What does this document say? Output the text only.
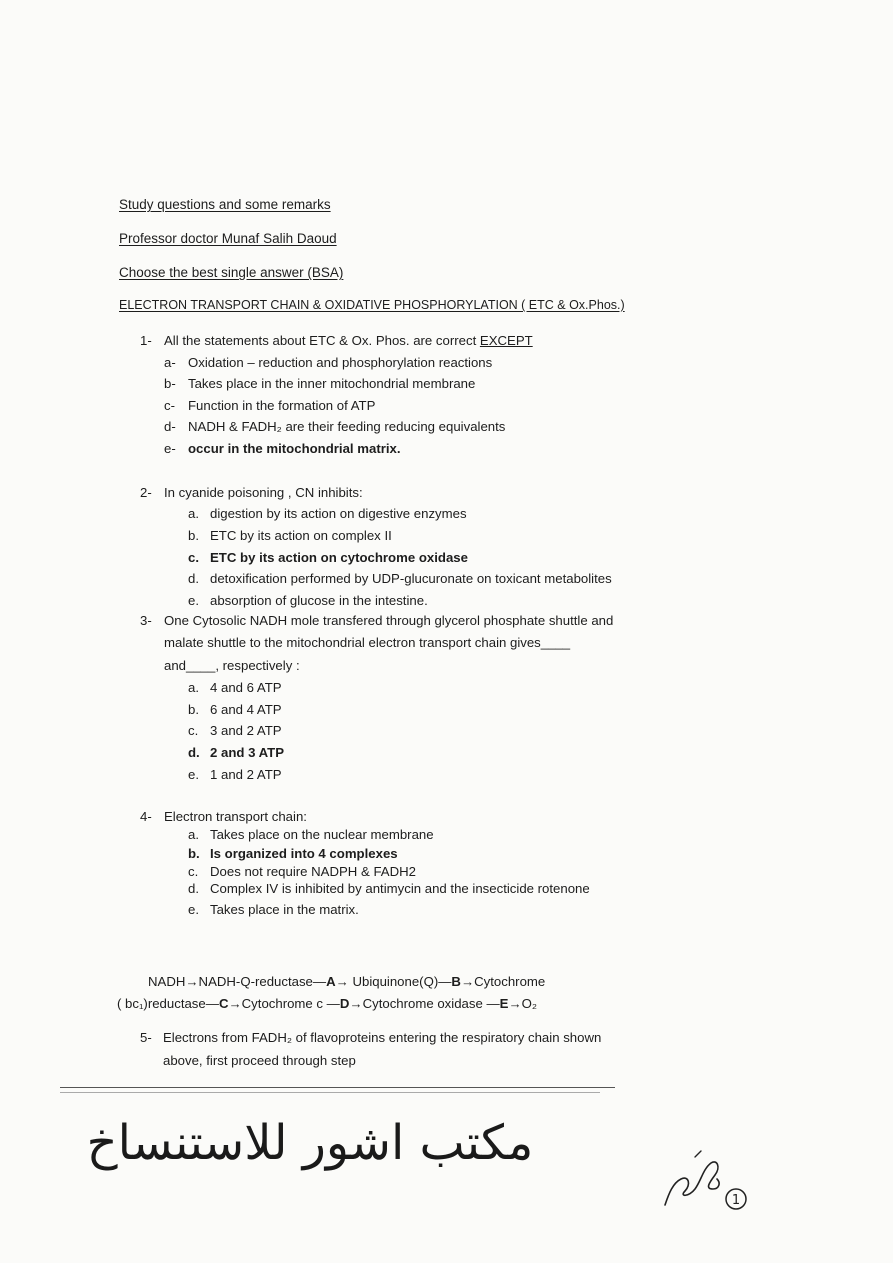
Study questions and some remarks
Professor doctor Munaf Salih Daoud
Choose the best single answer (BSA)
ELECTRON TRANSPORT CHAIN & OXIDATIVE PHOSPHORYLATION ( ETC & Ox.Phos.)
1- All the statements about ETC & Ox. Phos. are correct EXCEPT
a- Oxidation – reduction and phosphorylation reactions
b- Takes place in the inner mitochondrial membrane
c- Function in the formation of ATP
d- NADH & FADH₂ are their feeding reducing equivalents
e- occur in the mitochondrial matrix.
2- In cyanide poisoning , CN inhibits:
a. digestion by its action on digestive enzymes
b. ETC by its action on complex II
c. ETC by its action on cytochrome oxidase
d. detoxification performed by UDP-glucuronate on toxicant metabolites
e. absorption of glucose in the intestine.
3- One Cytosolic NADH mole transfered through glycerol phosphate shuttle and
malate shuttle to the mitochondrial electron transport chain gives____
and____, respectively :
a. 4 and 6 ATP
b. 6 and 4 ATP
c. 3 and 2 ATP
d. 2 and 3 ATP
e. 1 and 2 ATP
4- Electron transport chain:
a. Takes place on the nuclear membrane
b. Is organized into 4 complexes
c. Does not require NADPH & FADH2
d. Complex IV is inhibited by antimycin and the insecticide rotenone
e. Takes place in the matrix.
NADH→NADH-Q-reductase—A→ Ubiquinone(Q)—B→Cytochrome
( bc₁)reductase—C→Cytochrome c —D→Cytochrome oxidase —E→O₂
5- Electrons from FADH₂ of flavoproteins entering the respiratory chain shown
above, first proceed through step
مكتب اشور للاستنساخ
1
